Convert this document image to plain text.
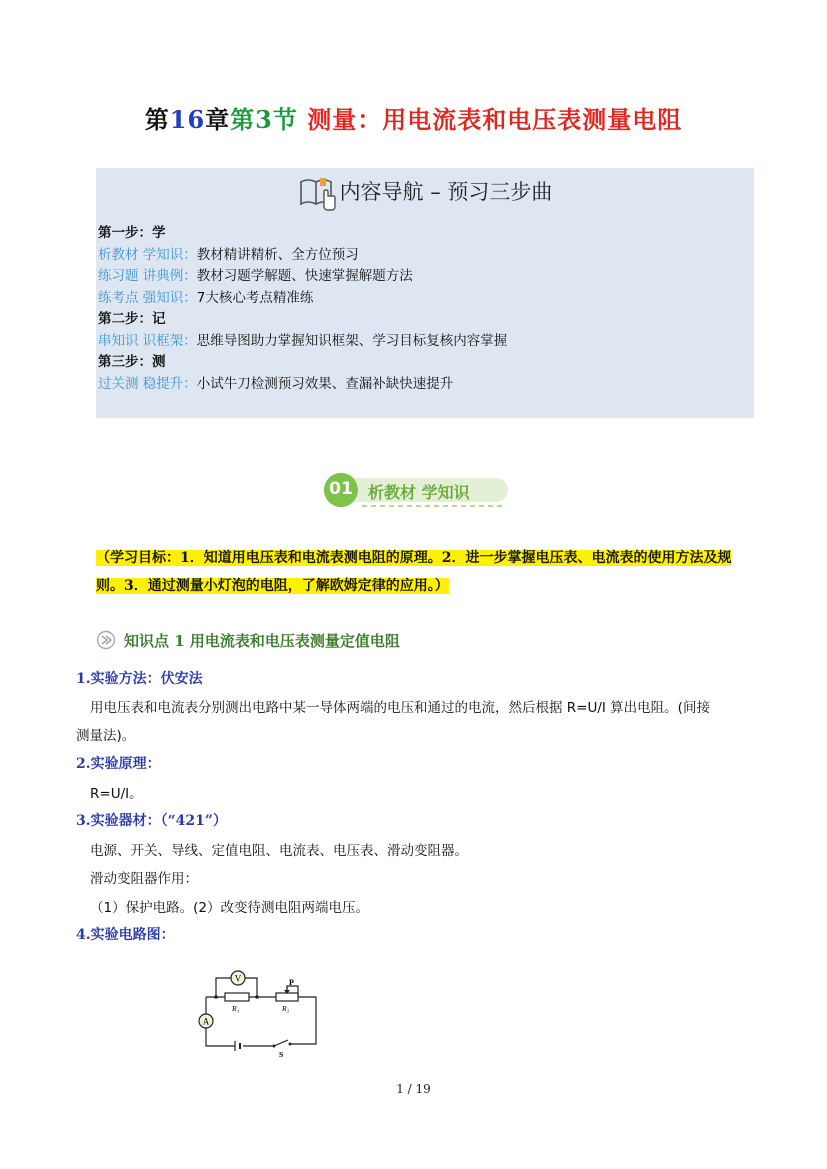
第16章第3节 测量：用电流表和电压表测量电阻
内容导航 – 预习三步曲
第一步：学
析教材 学知识：教材精讲精析、全方位预习
练习题 讲典例：教材习题学解题、快速掌握解题方法
练考点 强知识：7大核心考点精准练
第二步：记
串知识 识框架：思维导图助力掌握知识框架、学习目标复核内容掌握
第三步：测
过关测 稳提升：小试牛刀检测预习效果、查漏补缺快速提升
01 析教材 学知识
（学习目标：1．知道用电压表和电流表测电阻的原理。2．进一步掌握电压表、电流表的使用方法及规
则。3．通过测量小灯泡的电阻，了解欧姆定律的应用。）
知识点 1 用电流表和电压表测量定值电阻
1.实验方法：伏安法
用电压表和电流表分别测出电路中某一导体两端的电压和通过的电流，然后根据 R=U/I 算出电阻。(间接
测量法)。
2.实验原理：
R=U/I。
3.实验器材：（“421”）
电源、开关、导线、定值电阻、电流表、电压表、滑动变阻器。
滑动变阻器作用：
（1）保护电路。(2）改变待测电阻两端电压。
4.实验电路图：
V
A
P
R₁	R₂
S
1 / 19
